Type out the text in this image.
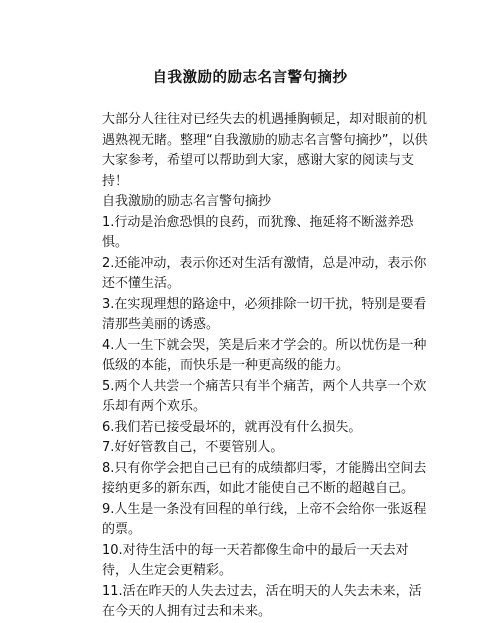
自我激励的励志名言警句摘抄

大部分人往往对已经失去的机遇捶胸顿足，却对眼前的机遇熟视无睹。整理“自我激励的励志名言警句摘抄”，以供大家参考，希望可以帮助到大家，感谢大家的阅读与支持！

自我激励的励志名言警句摘抄

1.行动是治愈恐惧的良药，而犹豫、拖延将不断滋养恐惧。

2.还能冲动，表示你还对生活有激情，总是冲动，表示你还不懂生活。

3.在实现理想的路途中，必须排除一切干扰，特别是要看清那些美丽的诱惑。

4.人一生下就会哭，笑是后来才学会的。所以忧伤是一种低级的本能，而快乐是一种更高级的能力。

5.两个人共尝一个痛苦只有半个痛苦，两个人共享一个欢乐却有两个欢乐。

6.我们若已接受最坏的，就再没有什么损失。

7.好好管教自己，不要管别人。

8.只有你学会把自己已有的成绩都归零，才能腾出空间去接纳更多的新东西，如此才能使自己不断的超越自己。

9.人生是一条没有回程的单行线，上帝不会给你一张返程的票。

10.对待生活中的每一天若都像生命中的最后一天去对待，人生定会更精彩。

11.活在昨天的人失去过去，活在明天的人失去未来，活在今天的人拥有过去和未来。
